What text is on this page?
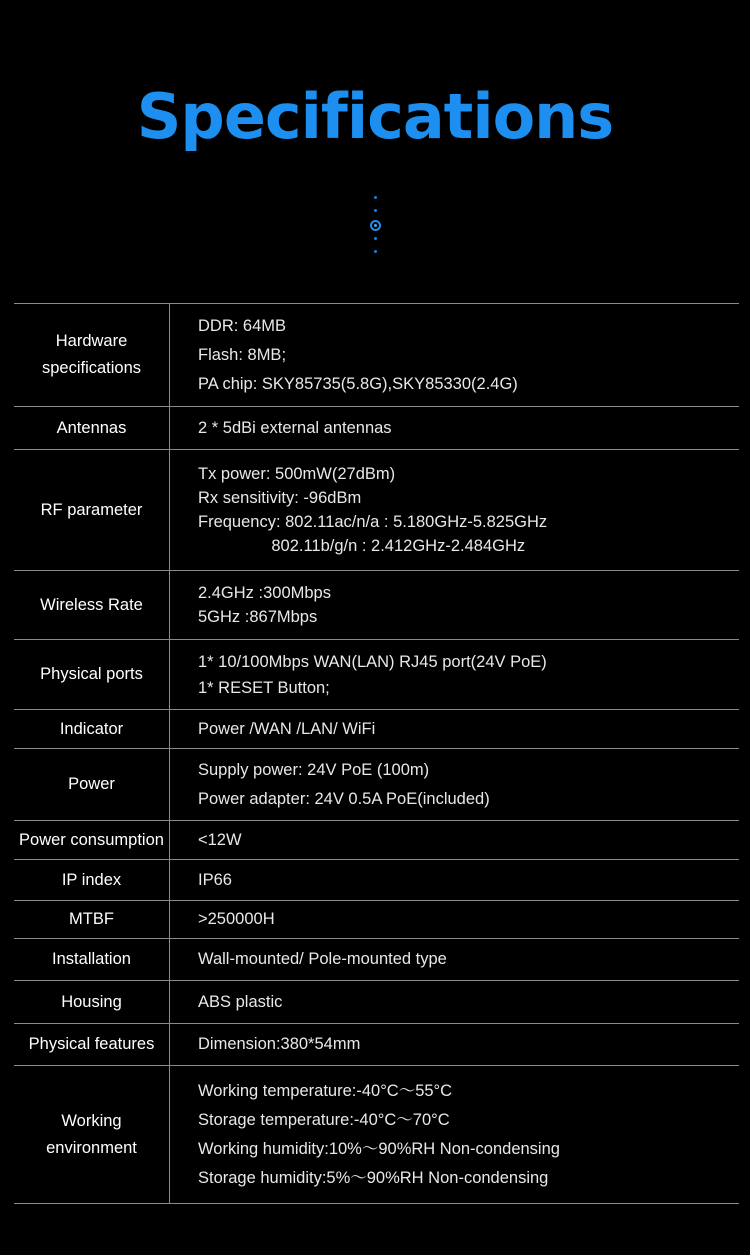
Specifications
Hardware
specifications	DDR: 64MB
Flash: 8MB;
PA chip: SKY85735(5.8G),SKY85330(2.4G)

Antennas	2 * 5dBi external antennas

RF parameter	Tx power: 500mW(27dBm)
Rx sensitivity: -96dBm
Frequency: 802.11ac/n/a : 5.180GHz-5.825GHz
802.11b/g/n : 2.412GHz-2.484GHz

Wireless Rate	2.4GHz :300Mbps
5GHz :867Mbps

Physical ports	1* 10/100Mbps WAN(LAN) RJ45 port(24V PoE)
1* RESET Button;

Indicator	Power /WAN /LAN/ WiFi

Power	Supply power: 24V PoE (100m)
Power adapter: 24V 0.5A PoE(included)

Power consumption	<12W

IP index	IP66

MTBF	>250000H

Installation	Wall-mounted/ Pole-mounted type

Housing	ABS plastic

Physical features	Dimension:380*54mm

Working
environment	Working temperature:-40°C～55°C
Storage temperature:-40°C～70°C
Working humidity:10%～90%RH Non-condensing
Storage humidity:5%～90%RH Non-condensing
